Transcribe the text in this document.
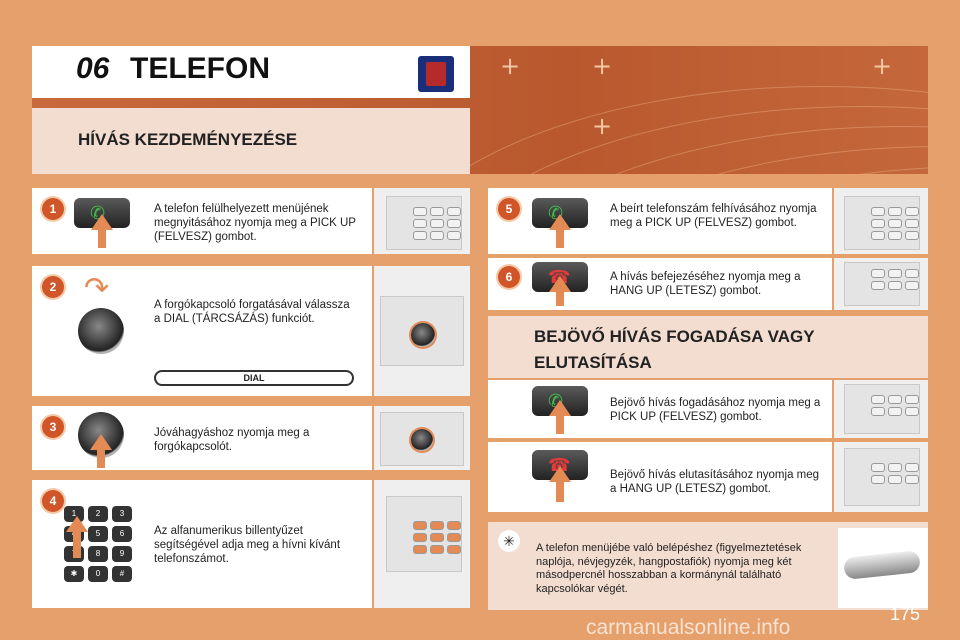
+	+	+
+
06 TELEFON
HÍVÁS KEZDEMÉNYEZÉSE
1	✆	A telefon felülhelyezett menüjének megnyitásához nyomja meg a PICK UP (FELVESZ) gombot.
2 ↷	A forgókapcsoló forgatásával válassza a DIAL (TÁRCSÁZÁS) funkciót.
DIAL
3	Jóváhagyáshoz nyomja meg a forgókapcsolót.
4
1	2	3
5	6
8	9
✱	0	#
Az alfanumerikus billentyűzet segítségével adja meg a hívni kívánt telefonszámot.
5	✆	A beírt telefonszám felhívásához nyomja meg a PICK UP (FELVESZ) gombot.
6	☎	A hívás befejezéséhez nyomja meg a HANG UP (LETESZ) gombot.
BEJÖVŐ HÍVÁS FOGADÁSA VAGY ELUTASÍTÁSA
✆	Bejövő hívás fogadásához nyomja meg a PICK UP (FELVESZ) gombot.
☎	Bejövő hívás elutasításához nyomja meg a HANG UP (LETESZ) gombot.
✳	A telefon menüjébe való belépéshez (figyelmeztetések naplója, névjegyzék, hangpostafiók) nyomja meg két másodpercnél hosszabban a kormánynál található kapcsolókar végét.
175
carmanualsonline.info
